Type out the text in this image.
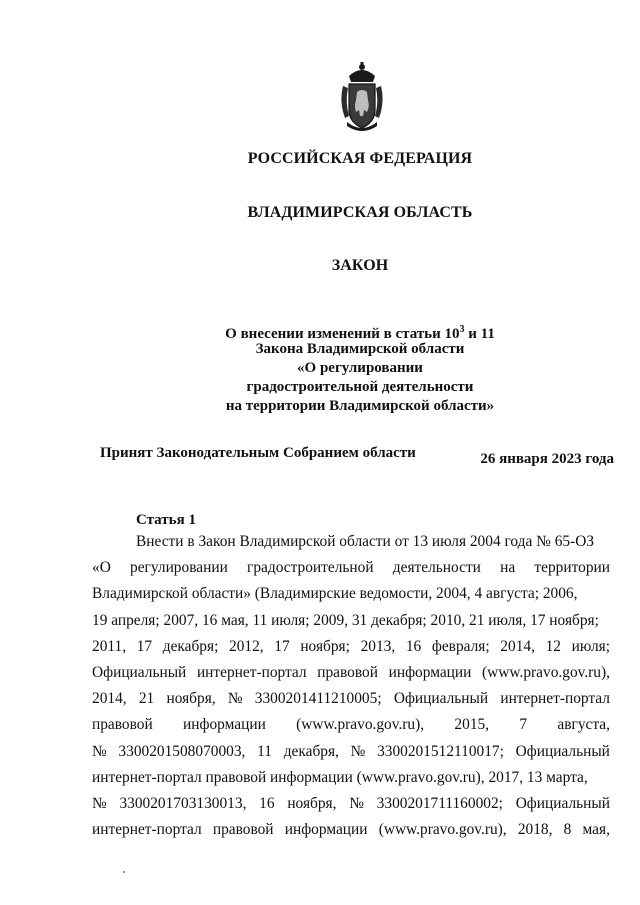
РОССИЙСКАЯ ФЕДЕРАЦИЯ
ВЛАДИМИРСКАЯ ОБЛАСТЬ
ЗАКОН
О внесении изменений в статьи $10^3$ и 11
Закона Владимирской области
«О регулировании
градостроительной деятельности
на территории Владимирской области»
Принят Законодательным Собранием области	26 января 2023 года
Статья 1
Внести в Закон Владимирской области от 13 июля 2004 года № 65-ОЗ
«О регулировании градостроительной деятельности на территории
Владимирской области» (Владимирские ведомости, 2004, 4 августа; 2006,
19 апреля; 2007, 16 мая, 11 июля; 2009, 31 декабря; 2010, 21 июля, 17 ноября;
2011, 17 декабря; 2012, 17 ноября; 2013, 16 февраля; 2014, 12 июля;
Официальный интернет-портал правовой информации (www.pravo.gov.ru),
2014, 21 ноября, № 3300201411210005; Официальный интернет-портал
правовой информации (www.pravo.gov.ru), 2015, 7 августа,
№ 3300201508070003, 11 декабря, № 3300201512110017; Официальный
интернет-портал правовой информации (www.pravo.gov.ru), 2017, 13 марта,
№ 3300201703130013, 16 ноября, № 3300201711160002; Официальный
интернет-портал правовой информации (www.pravo.gov.ru), 2018, 8 мая,
